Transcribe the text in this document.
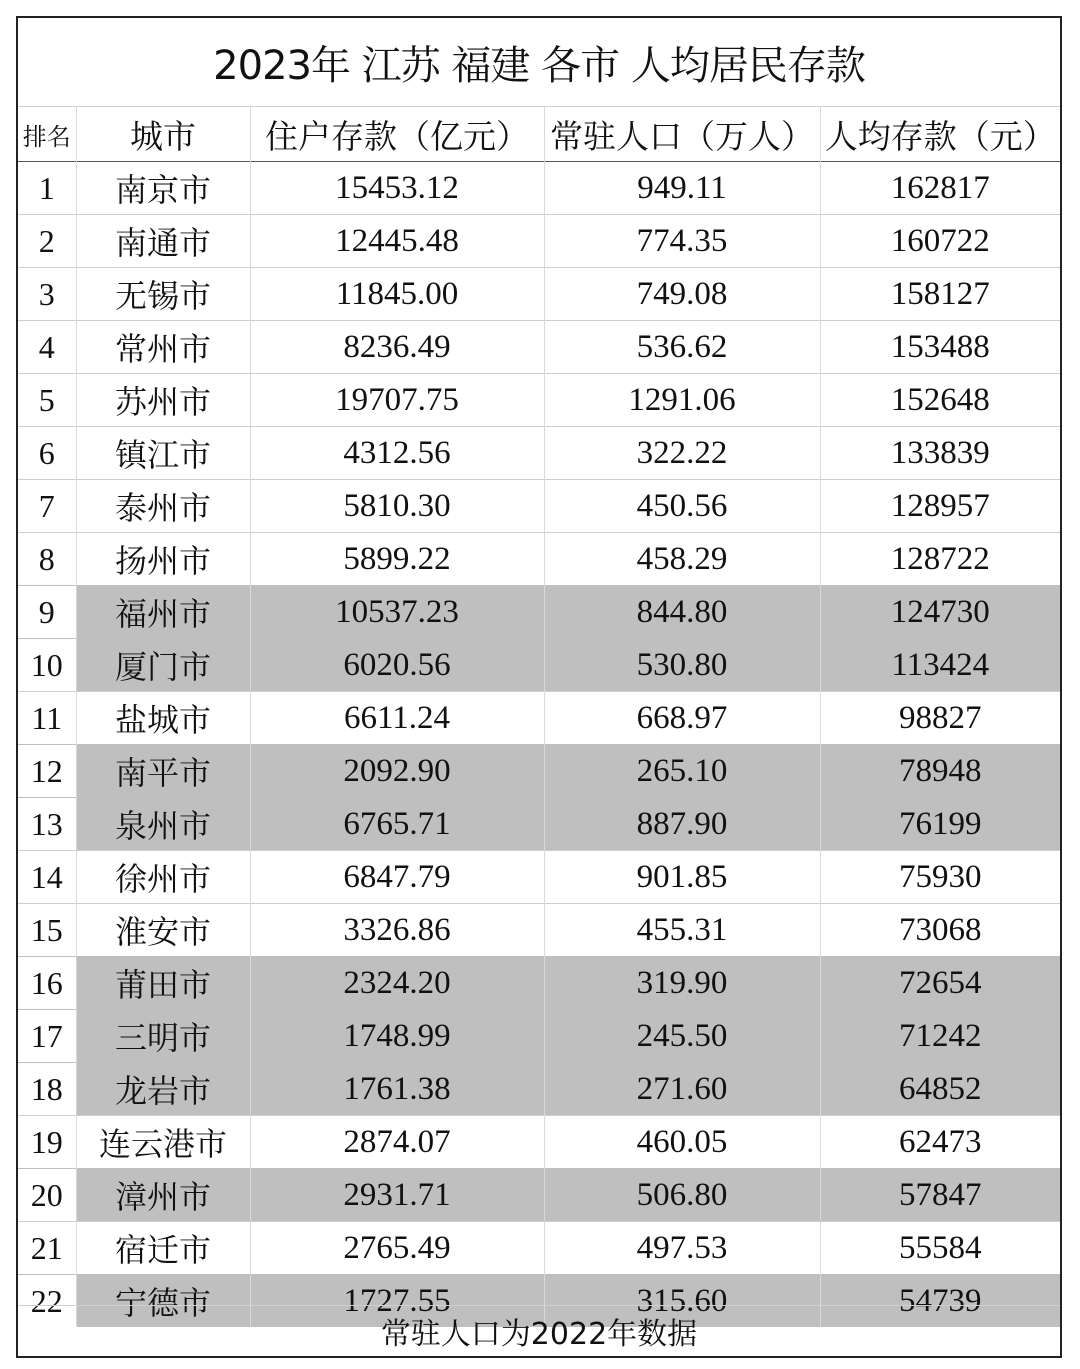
2023年 江苏 福建 各市 人均居民存款
排名	城市	住户存款（亿元）	常驻人口（万人）	人均存款（元）
1	南京市	15453.12	949.11	162817
2	南通市	12445.48	774.35	160722
3	无锡市	11845.00	749.08	158127
4	常州市	8236.49	536.62	153488
5	苏州市	19707.75	1291.06	152648
6	镇江市	4312.56	322.22	133839
7	泰州市	5810.30	450.56	128957
8	扬州市	5899.22	458.29	128722
9	福州市	10537.23	844.80	124730
10	厦门市	6020.56	530.80	113424
11	盐城市	6611.24	668.97	98827
12	南平市	2092.90	265.10	78948
13	泉州市	6765.71	887.90	76199
14	徐州市	6847.79	901.85	75930
15	淮安市	3326.86	455.31	73068
16	莆田市	2324.20	319.90	72654
17	三明市	1748.99	245.50	71242
18	龙岩市	1761.38	271.60	64852
19	连云港市	2874.07	460.05	62473
20	漳州市	2931.71	506.80	57847
21	宿迁市	2765.49	497.53	55584
22	宁德市	1727.55	315.60	54739
常驻人口为2022年数据
